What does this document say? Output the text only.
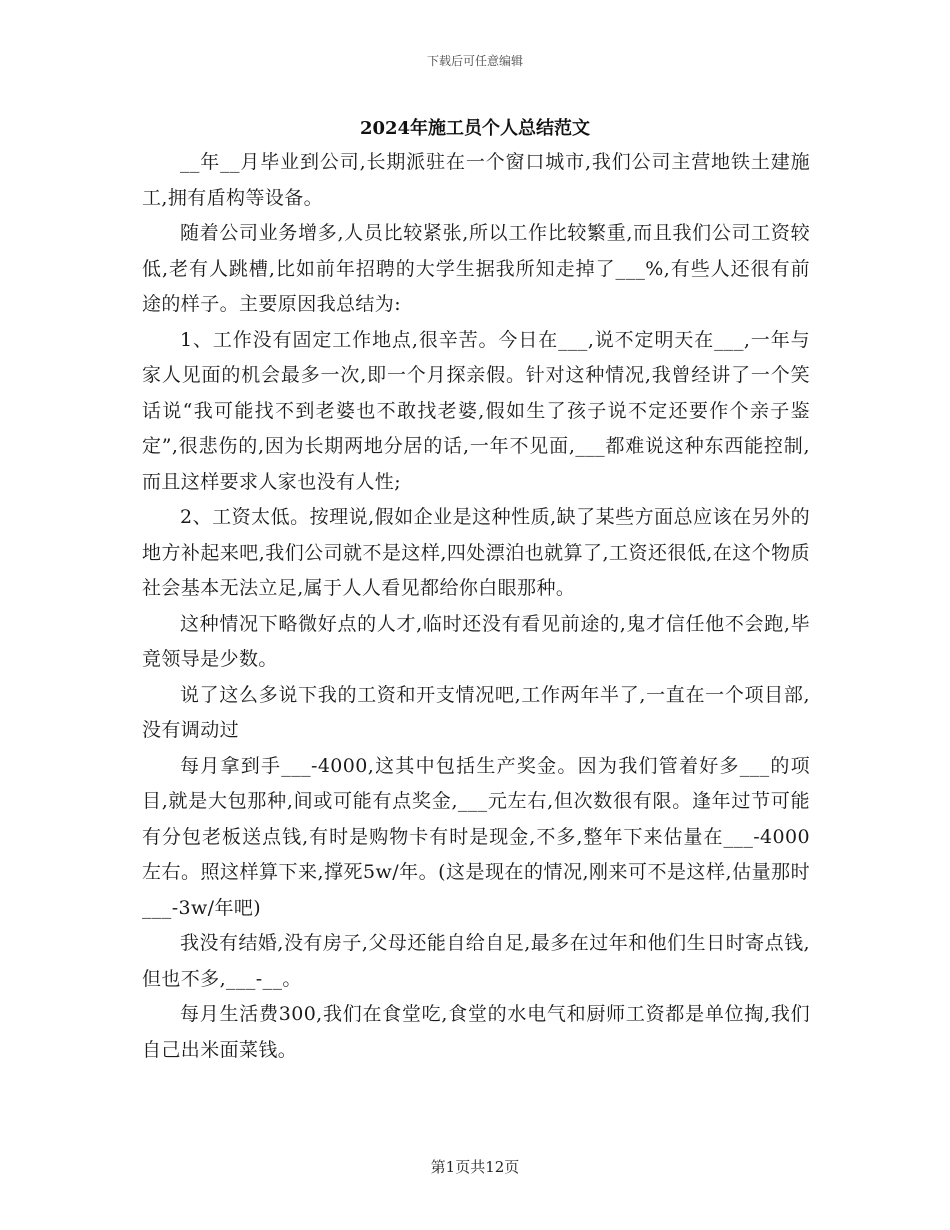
下载后可任意编辑
2024年施工员个人总结范文

__年__月毕业到公司,长期派驻在一个窗口城市,我们公司主营地铁土建施工,拥有盾构等设备。

随着公司业务增多,人员比较紧张,所以工作比较繁重,而且我们公司工资较低,老有人跳槽,比如前年招聘的大学生据我所知走掉了___%,有些人还很有前途的样子。主要原因我总结为:

1、工作没有固定工作地点,很辛苦。今日在___,说不定明天在___,一年与家人见面的机会最多一次,即一个月探亲假。针对这种情况,我曾经讲了一个笑话说“我可能找不到老婆也不敢找老婆,假如生了孩子说不定还要作个亲子鉴定”,很悲伤的,因为长期两地分居的话,一年不见面,___都难说这种东西能控制,而且这样要求人家也没有人性;

2、工资太低。按理说,假如企业是这种性质,缺了某些方面总应该在另外的地方补起来吧,我们公司就不是这样,四处漂泊也就算了,工资还很低,在这个物质社会基本无法立足,属于人人看见都给你白眼那种。

这种情况下略微好点的人才,临时还没有看见前途的,鬼才信任他不会跑,毕竟领导是少数。

说了这么多说下我的工资和开支情况吧,工作两年半了,一直在一个项目部,没有调动过

每月拿到手___-4000,这其中包括生产奖金。因为我们管着好多___的项目,就是大包那种,间或可能有点奖金,___元左右,但次数很有限。逢年过节可能有分包老板送点钱,有时是购物卡有时是现金,不多,整年下来估量在___-4000左右。照这样算下来,撑死5w/年。(这是现在的情况,刚来可不是这样,估量那时___-3w/年吧)

我没有结婚,没有房子,父母还能自给自足,最多在过年和他们生日时寄点钱,但也不多,___-__。

每月生活费300,我们在食堂吃,食堂的水电气和厨师工资都是单位掏,我们自己出米面菜钱。

第1页共12页
